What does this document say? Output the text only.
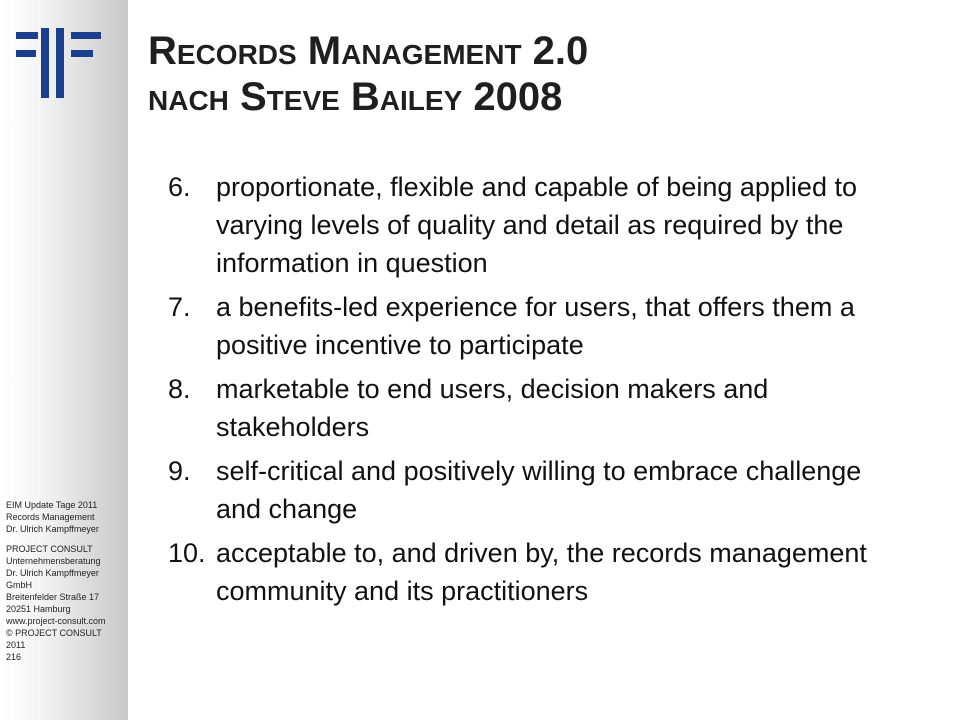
EIM Update Tage 2011
Records Management
Dr. Ulrich Kampffmeyer
PROJECT CONSULT
Unternehmensberatung
Dr. Ulrich Kampffmeyer
GmbH
Breitenfelder Straße 17
20251 Hamburg
www.project-consult.com
© PROJECT CONSULT
2011
216
Records Management 2.0
nach Steve Bailey 2008
6. proportionate, flexible and capable of being applied to varying levels of quality and detail as required by the information in question
7. a benefits-led experience for users, that offers them a positive incentive to participate
8. marketable to end users, decision makers and stakeholders
9. self-critical and positively willing to embrace challenge and change
10. acceptable to, and driven by, the records management community and its practitioners
